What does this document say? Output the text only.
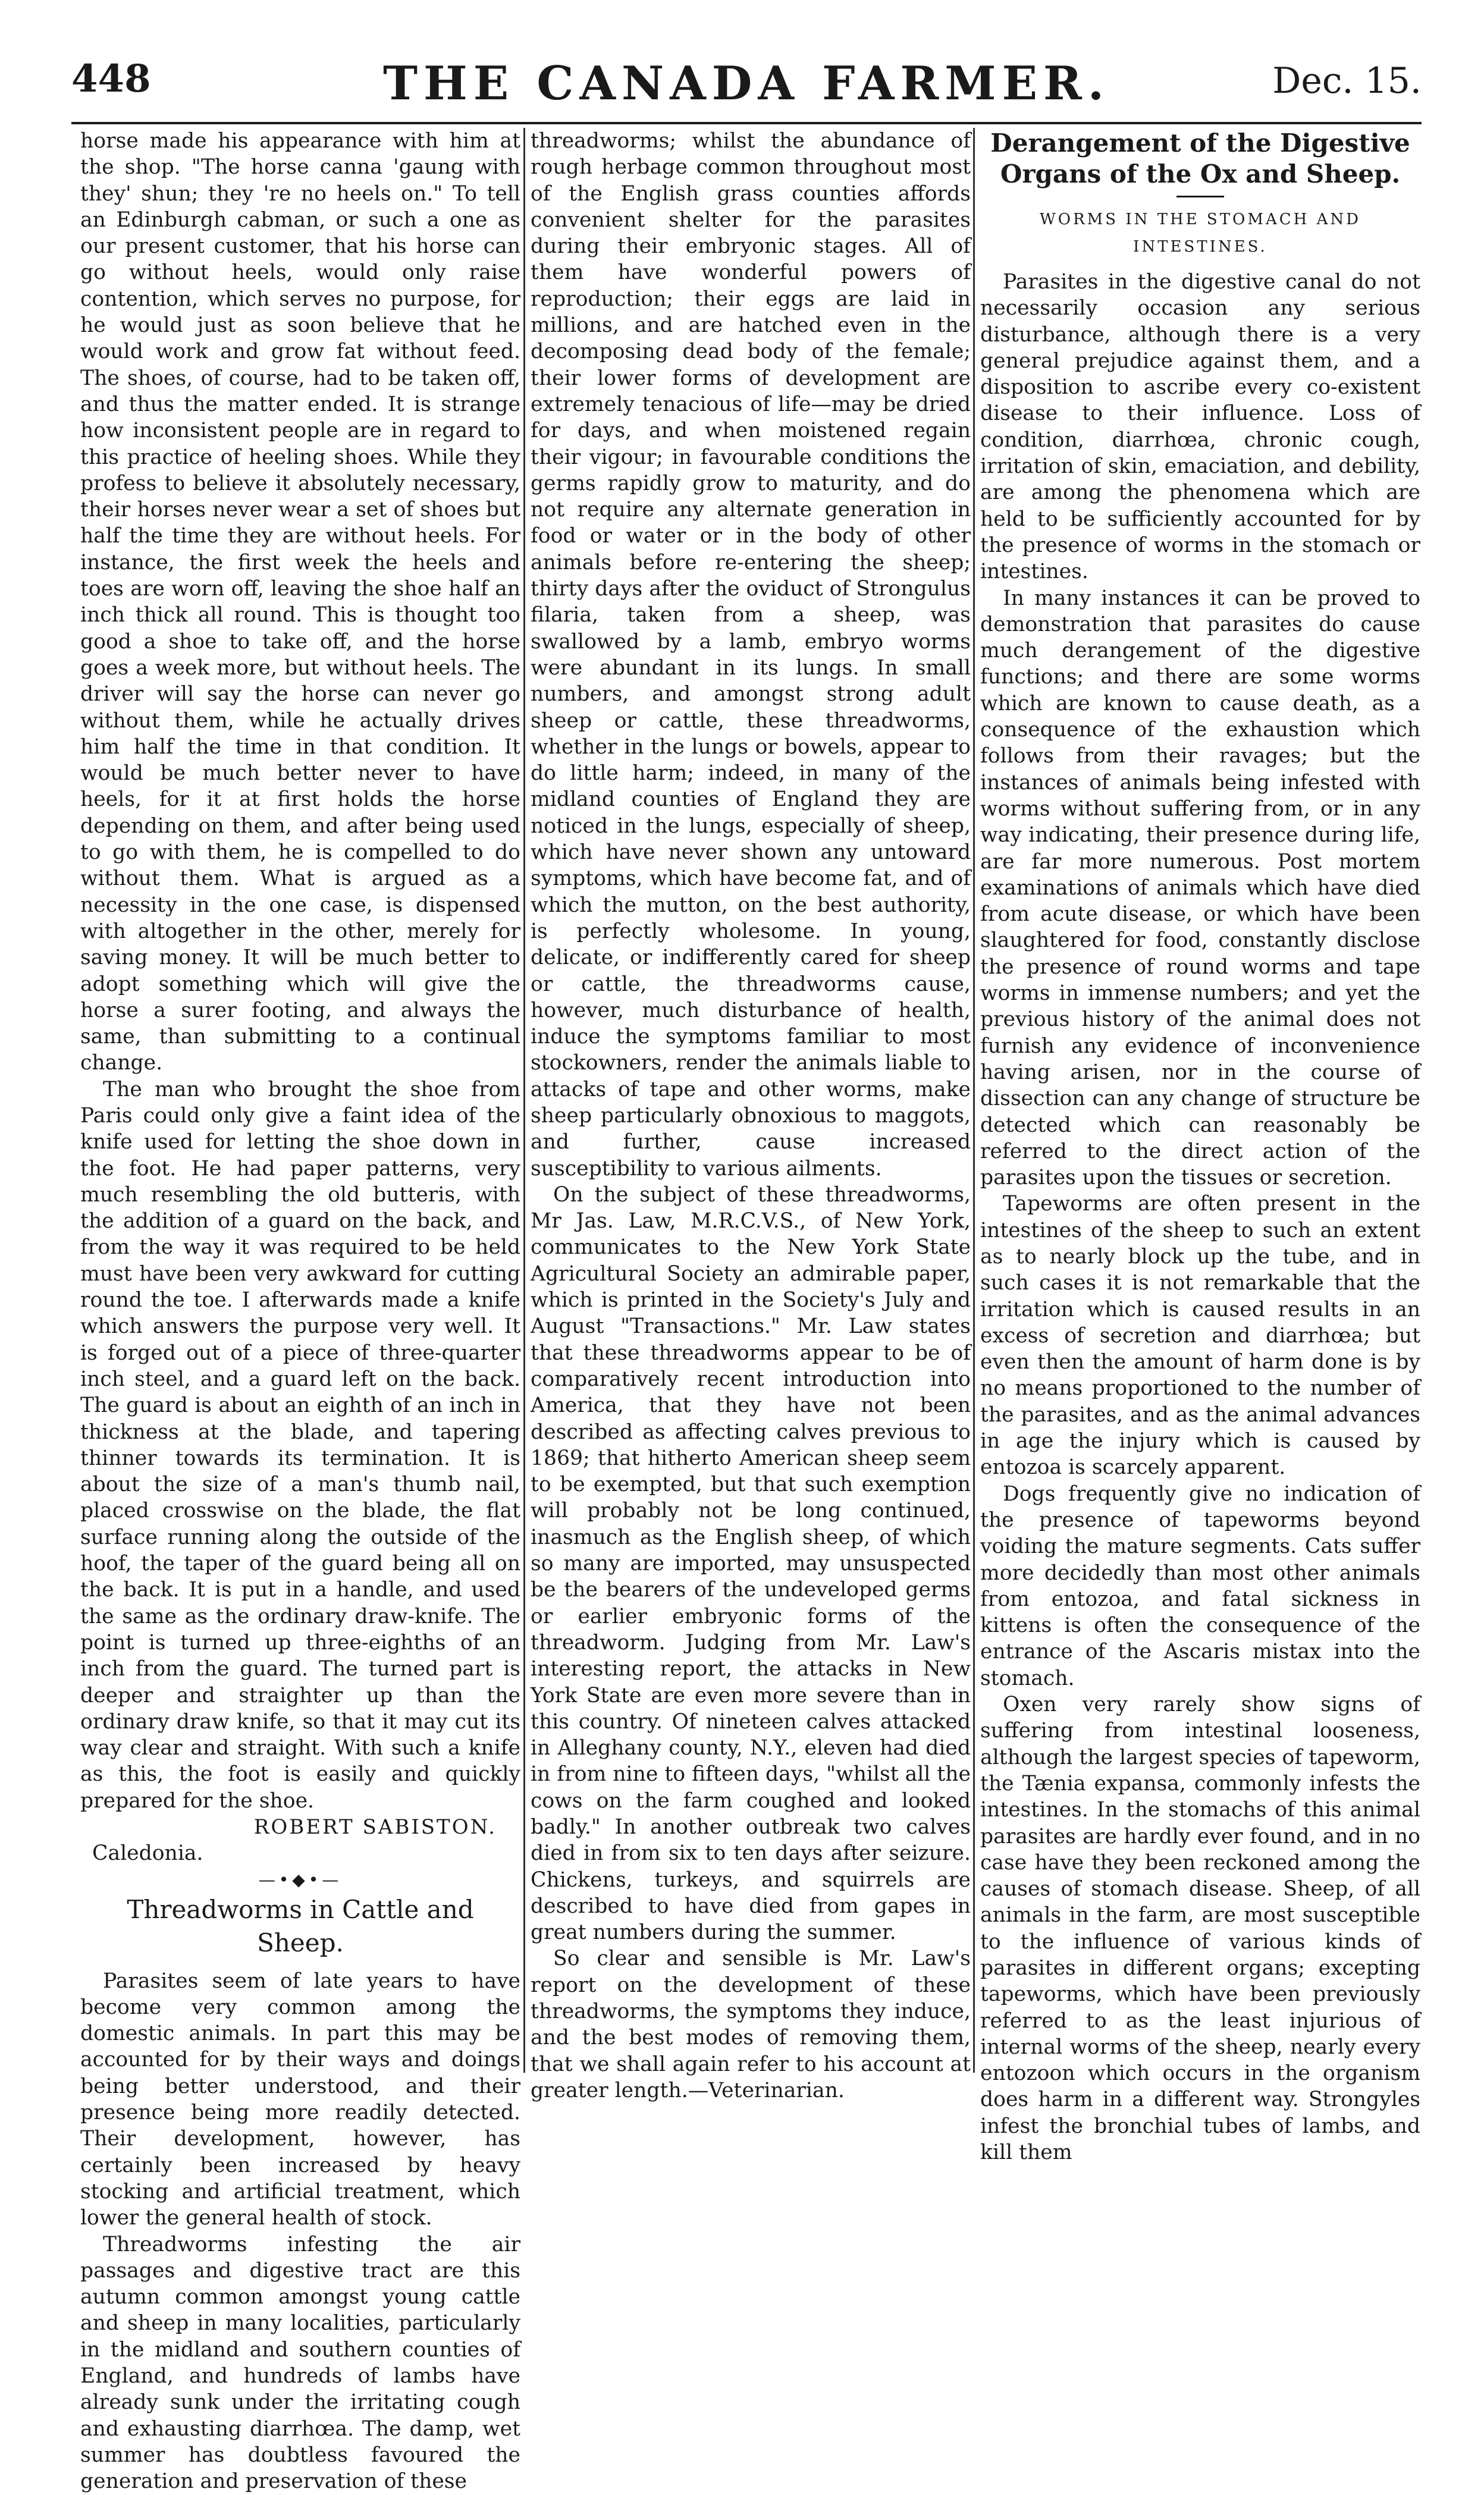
448	THE CANADA FARMER.	Dec. 15.

horse made his appearance with him at the shop. "The horse canna 'gaung with they' shun; they 're no heels on." To tell an Edinburgh cabman, or such a one as our present customer, that his horse can go without heels, would only raise contention, which serves no purpose, for he would just as soon believe that he would work and grow fat without feed. The shoes, of course, had to be taken off, and thus the matter ended. It is strange how inconsistent people are in regard to this practice of heeling shoes. While they profess to believe it absolutely necessary, their horses never wear a set of shoes but half the time they are without heels. For instance, the first week the heels and toes are worn off, leaving the shoe half an inch thick all round. This is thought too good a shoe to take off, and the horse goes a week more, but without heels. The driver will say the horse can never go without them, while he actually drives him half the time in that condition. It would be much better never to have heels, for it at first holds the horse depending on them, and after being used to go with them, he is compelled to do without them. What is argued as a necessity in the one case, is dispensed with altogether in the other, merely for saving money. It will be much better to adopt something which will give the horse a surer footing, and always the same, than submitting to a continual change.

The man who brought the shoe from Paris could only give a faint idea of the knife used for letting the shoe down in the foot. He had paper patterns, very much resembling the old butteris, with the addition of a guard on the back, and from the way it was required to be held must have been very awkward for cutting round the toe. I afterwards made a knife which answers the purpose very well. It is forged out of a piece of three-quarter inch steel, and a guard left on the back. The guard is about an eighth of an inch in thickness at the blade, and tapering thinner towards its termination. It is about the size of a man's thumb nail, placed crosswise on the blade, the flat surface running along the outside of the hoof, the taper of the guard being all on the back. It is put in a handle, and used the same as the ordinary draw-knife. The point is turned up three-eighths of an inch from the guard. The turned part is deeper and straighter up than the ordinary draw knife, so that it may cut its way clear and straight. With such a knife as this, the foot is easily and quickly prepared for the shoe.

ROBERT SABISTON.
Caledonia.
—•◆•—
Threadworms in Cattle and Sheep.

Parasites seem of late years to have become very common among the domestic animals. In part this may be accounted for by their ways and doings being better understood, and their presence being more readily detected. Their development, however, has certainly been increased by heavy stocking and artificial treatment, which lower the general health of stock.

Threadworms infesting the air passages and digestive tract are this autumn common amongst young cattle and sheep in many localities, particularly in the midland and southern counties of England, and hundreds of lambs have already sunk under the irritating cough and exhausting diarrhœa. The damp, wet summer has doubtless favoured the generation and preservation of these

threadworms; whilst the abundance of rough herbage common throughout most of the English grass counties affords convenient shelter for the parasites during their embryonic stages. All of them have wonderful powers of reproduction; their eggs are laid in millions, and are hatched even in the decomposing dead body of the female; their lower forms of development are extremely tenacious of life—may be dried for days, and when moistened regain their vigour; in favourable conditions the germs rapidly grow to maturity, and do not require any alternate generation in food or water or in the body of other animals before re-entering the sheep; thirty days after the oviduct of Strongulus filaria, taken from a sheep, was swallowed by a lamb, embryo worms were abundant in its lungs. In small numbers, and amongst strong adult sheep or cattle, these threadworms, whether in the lungs or bowels, appear to do little harm; indeed, in many of the midland counties of England they are noticed in the lungs, especially of sheep, which have never shown any untoward symptoms, which have become fat, and of which the mutton, on the best authority, is perfectly wholesome. In young, delicate, or indifferently cared for sheep or cattle, the threadworms cause, however, much disturbance of health, induce the symptoms familiar to most stockowners, render the animals liable to attacks of tape and other worms, make sheep particularly obnoxious to maggots, and further, cause increased susceptibility to various ailments.

On the subject of these threadworms, Mr Jas. Law, M.R.C.V.S., of New York, communicates to the New York State Agricultural Society an admirable paper, which is printed in the Society's July and August "Transactions." Mr. Law states that these threadworms appear to be of comparatively recent introduction into America, that they have not been described as affecting calves previous to 1869; that hitherto American sheep seem to be exempted, but that such exemption will probably not be long continued, inasmuch as the English sheep, of which so many are imported, may unsuspected be the bearers of the undeveloped germs or earlier embryonic forms of the threadworm. Judging from Mr. Law's interesting report, the attacks in New York State are even more severe than in this country. Of nineteen calves attacked in Alleghany county, N.Y., eleven had died in from nine to fifteen days, "whilst all the cows on the farm coughed and looked badly." In another outbreak two calves died in from six to ten days after seizure. Chickens, turkeys, and squirrels are described to have died from gapes in great numbers during the summer.

So clear and sensible is Mr. Law's report on the development of these threadworms, the symptoms they induce, and the best modes of removing them, that we shall again refer to his account at greater length.—Veterinarian.

Derangement of the Digestive Organs of the Ox and Sheep.
WORMS IN THE STOMACH AND INTESTINES.

Parasites in the digestive canal do not necessarily occasion any serious disturbance, although there is a very general prejudice against them, and a disposition to ascribe every co-existent disease to their influence. Loss of condition, diarrhœa, chronic cough, irritation of skin, emaciation, and debility, are among the phenomena which are held to be sufficiently accounted for by the presence of worms in the stomach or intestines.

In many instances it can be proved to demonstration that parasites do cause much derangement of the digestive functions; and there are some worms which are known to cause death, as a consequence of the exhaustion which follows from their ravages; but the instances of animals being infested with worms without suffering from, or in any way indicating, their presence during life, are far more numerous. Post mortem examinations of animals which have died from acute disease, or which have been slaughtered for food, constantly disclose the presence of round worms and tape worms in immense numbers; and yet the previous history of the animal does not furnish any evidence of inconvenience having arisen, nor in the course of dissection can any change of structure be detected which can reasonably be referred to the direct action of the parasites upon the tissues or secretion.

Tapeworms are often present in the intestines of the sheep to such an extent as to nearly block up the tube, and in such cases it is not remarkable that the irritation which is caused results in an excess of secretion and diarrhœa; but even then the amount of harm done is by no means proportioned to the number of the parasites, and as the animal advances in age the injury which is caused by entozoa is scarcely apparent.

Dogs frequently give no indication of the presence of tapeworms beyond voiding the mature segments. Cats suffer more decidedly than most other animals from entozoa, and fatal sickness in kittens is often the consequence of the entrance of the Ascaris mistax into the stomach.

Oxen very rarely show signs of suffering from intestinal looseness, although the largest species of tapeworm, the Tænia expansa, commonly infests the intestines. In the stomachs of this animal parasites are hardly ever found, and in no case have they been reckoned among the causes of stomach disease. Sheep, of all animals in the farm, are most susceptible to the influence of various kinds of parasites in different organs; excepting tapeworms, which have been previously referred to as the least injurious of internal worms of the sheep, nearly every entozoon which occurs in the organism does harm in a different way. Strongyles infest the bronchial tubes of lambs, and kill them
